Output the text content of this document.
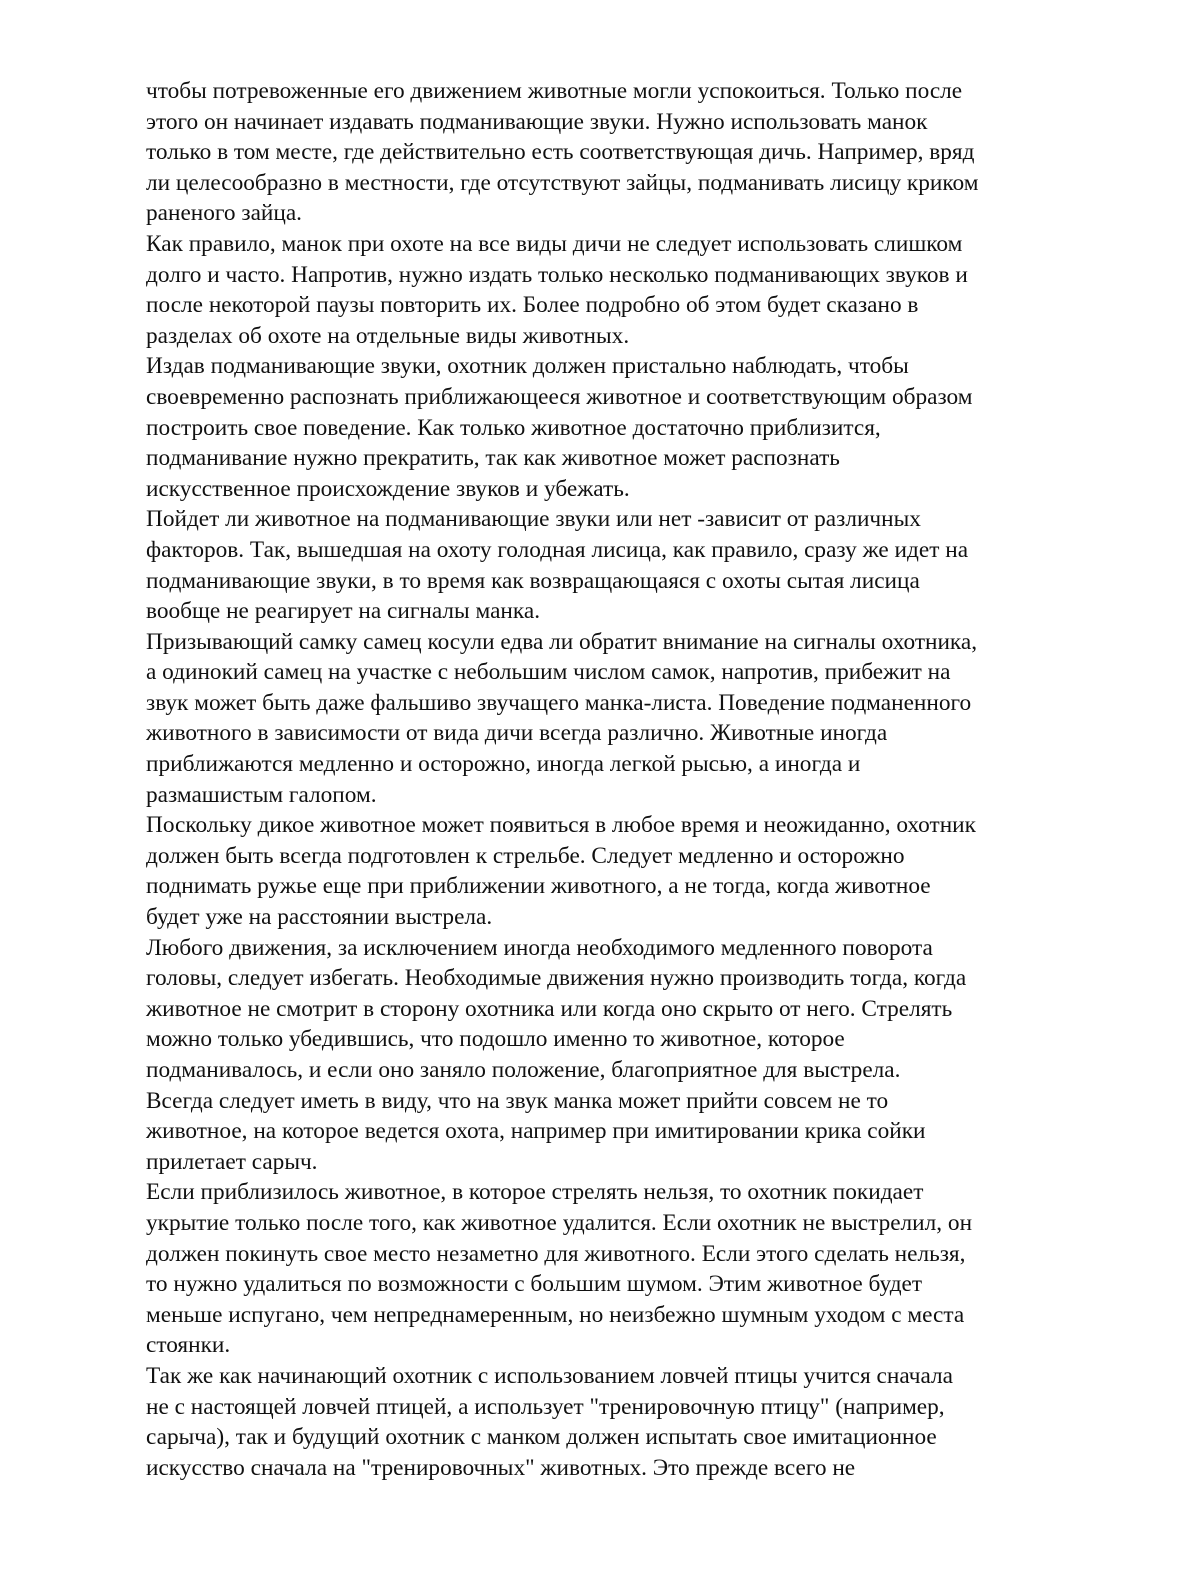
чтобы потревоженные его движением животные могли успокоиться. Только после
этого он начинает издавать подманивающие звуки. Нужно использовать манок
только в том месте, где действительно есть соответствующая дичь. Например, вряд
ли целесообразно в местности, где отсутствуют зайцы, подманивать лисицу криком
раненого зайца.

Как правило, манок при охоте на все виды дичи не следует использовать слишком
долго и часто. Напротив, нужно издать только несколько подманивающих звуков и
после некоторой паузы повторить их. Более подробно об этом будет сказано в
разделах об охоте на отдельные виды животных.

Издав подманивающие звуки, охотник должен пристально наблюдать, чтобы
своевременно распознать приближающееся животное и соответствующим образом
построить свое поведение. Как только животное достаточно приблизится,
подманивание нужно прекратить, так как животное может распознать
искусственное происхождение звуков и убежать.

Пойдет ли животное на подманивающие звуки или нет -зависит от различных
факторов. Так, вышедшая на охоту голодная лисица, как правило, сразу же идет на
подманивающие звуки, в то время как возвращающаяся с охоты сытая лисица
вообще не реагирует на сигналы манка.

Призывающий самку самец косули едва ли обратит внимание на сигналы охотника,
а одинокий самец на участке с небольшим числом самок, напротив, прибежит на
звук может быть даже фальшиво звучащего манка-листа. Поведение подманенного
животного в зависимости от вида дичи всегда различно. Животные иногда
приближаются медленно и осторожно, иногда легкой рысью, а иногда и
размашистым галопом.

Поскольку дикое животное может появиться в любое время и неожиданно, охотник
должен быть всегда подготовлен к стрельбе. Следует медленно и осторожно
поднимать ружье еще при приближении животного, а не тогда, когда животное
будет уже на расстоянии выстрела.

Любого движения, за исключением иногда необходимого медленного поворота
головы, следует избегать. Необходимые движения нужно производить тогда, когда
животное не смотрит в сторону охотника или когда оно скрыто от него. Стрелять
можно только убедившись, что подошло именно то животное, которое
подманивалось, и если оно заняло положение, благоприятное для выстрела.

Всегда следует иметь в виду, что на звук манка может прийти совсем не то
животное, на которое ведется охота, например при имитировании крика сойки
прилетает сарыч.

Если приблизилось животное, в которое стрелять нельзя, то охотник покидает
укрытие только после того, как животное удалится. Если охотник не выстрелил, он
должен покинуть свое место незаметно для животного. Если этого сделать нельзя,
то нужно удалиться по возможности с большим шумом. Этим животное будет
меньше испугано, чем непреднамеренным, но неизбежно шумным уходом с места
стоянки.

Так же как начинающий охотник с использованием ловчей птицы учится сначала
не с настоящей ловчей птицей, а использует "тренировочную птицу" (например,
сарыча), так и будущий охотник с манком должен испытать свое имитационное
искусство сначала на "тренировочных" животных. Это прежде всего не
